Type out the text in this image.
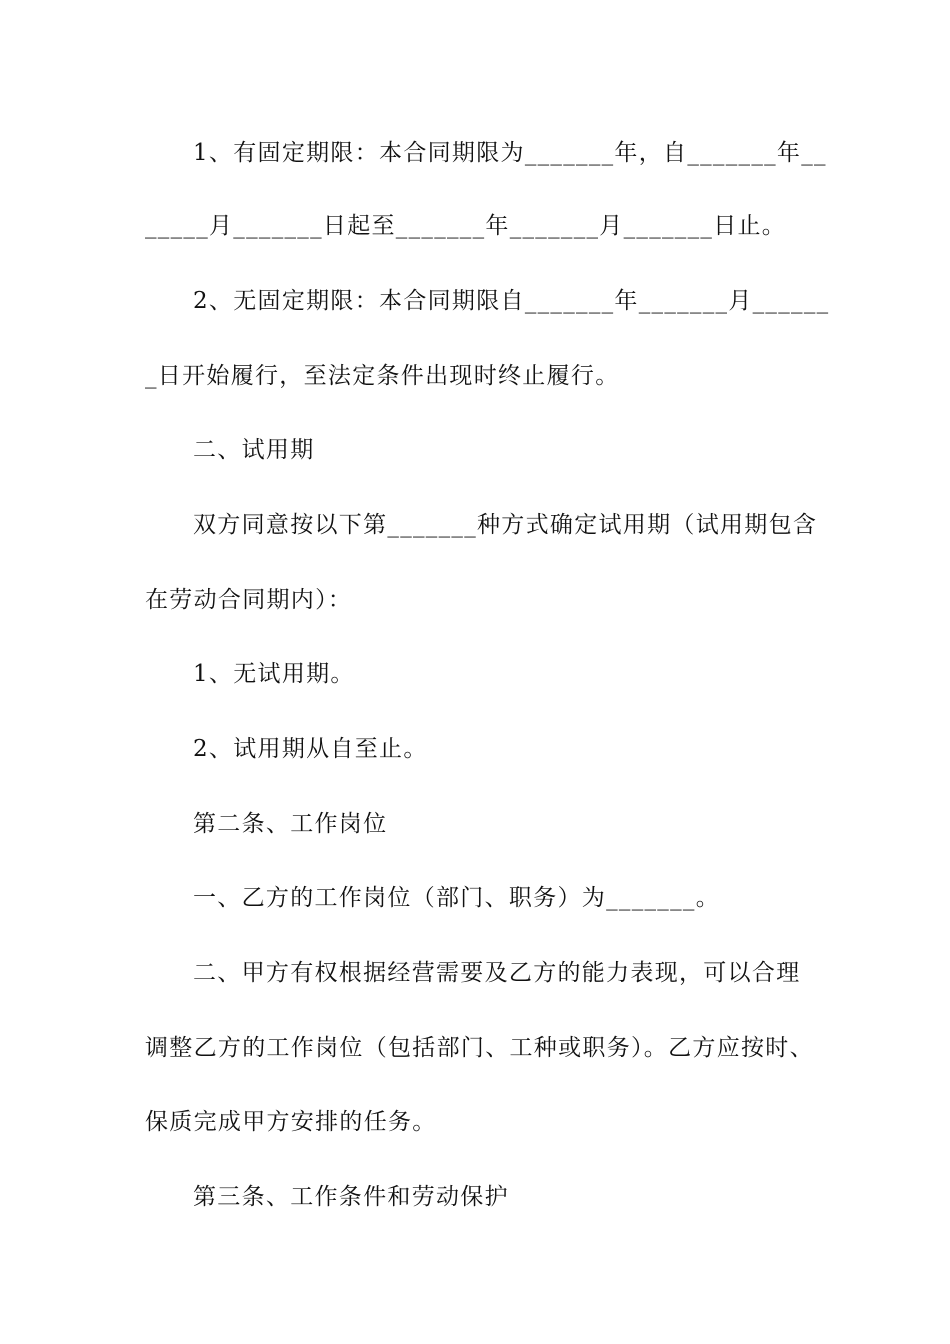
1、有固定期限：本合同期限为_______年，自_______年__
_____月_______日起至_______年_______月_______日止。
2、无固定期限：本合同期限自_______年_______月______
_日开始履行，至法定条件出现时终止履行。
二、试用期
双方同意按以下第_______种方式确定试用期（试用期包含
在劳动合同期内）：
1、无试用期。
2、试用期从自至止。
第二条、工作岗位
一、乙方的工作岗位（部门、职务）为_______。
二、甲方有权根据经营需要及乙方的能力表现，可以合理
调整乙方的工作岗位（包括部门、工种或职务）。乙方应按时、
保质完成甲方安排的任务。
第三条、工作条件和劳动保护
